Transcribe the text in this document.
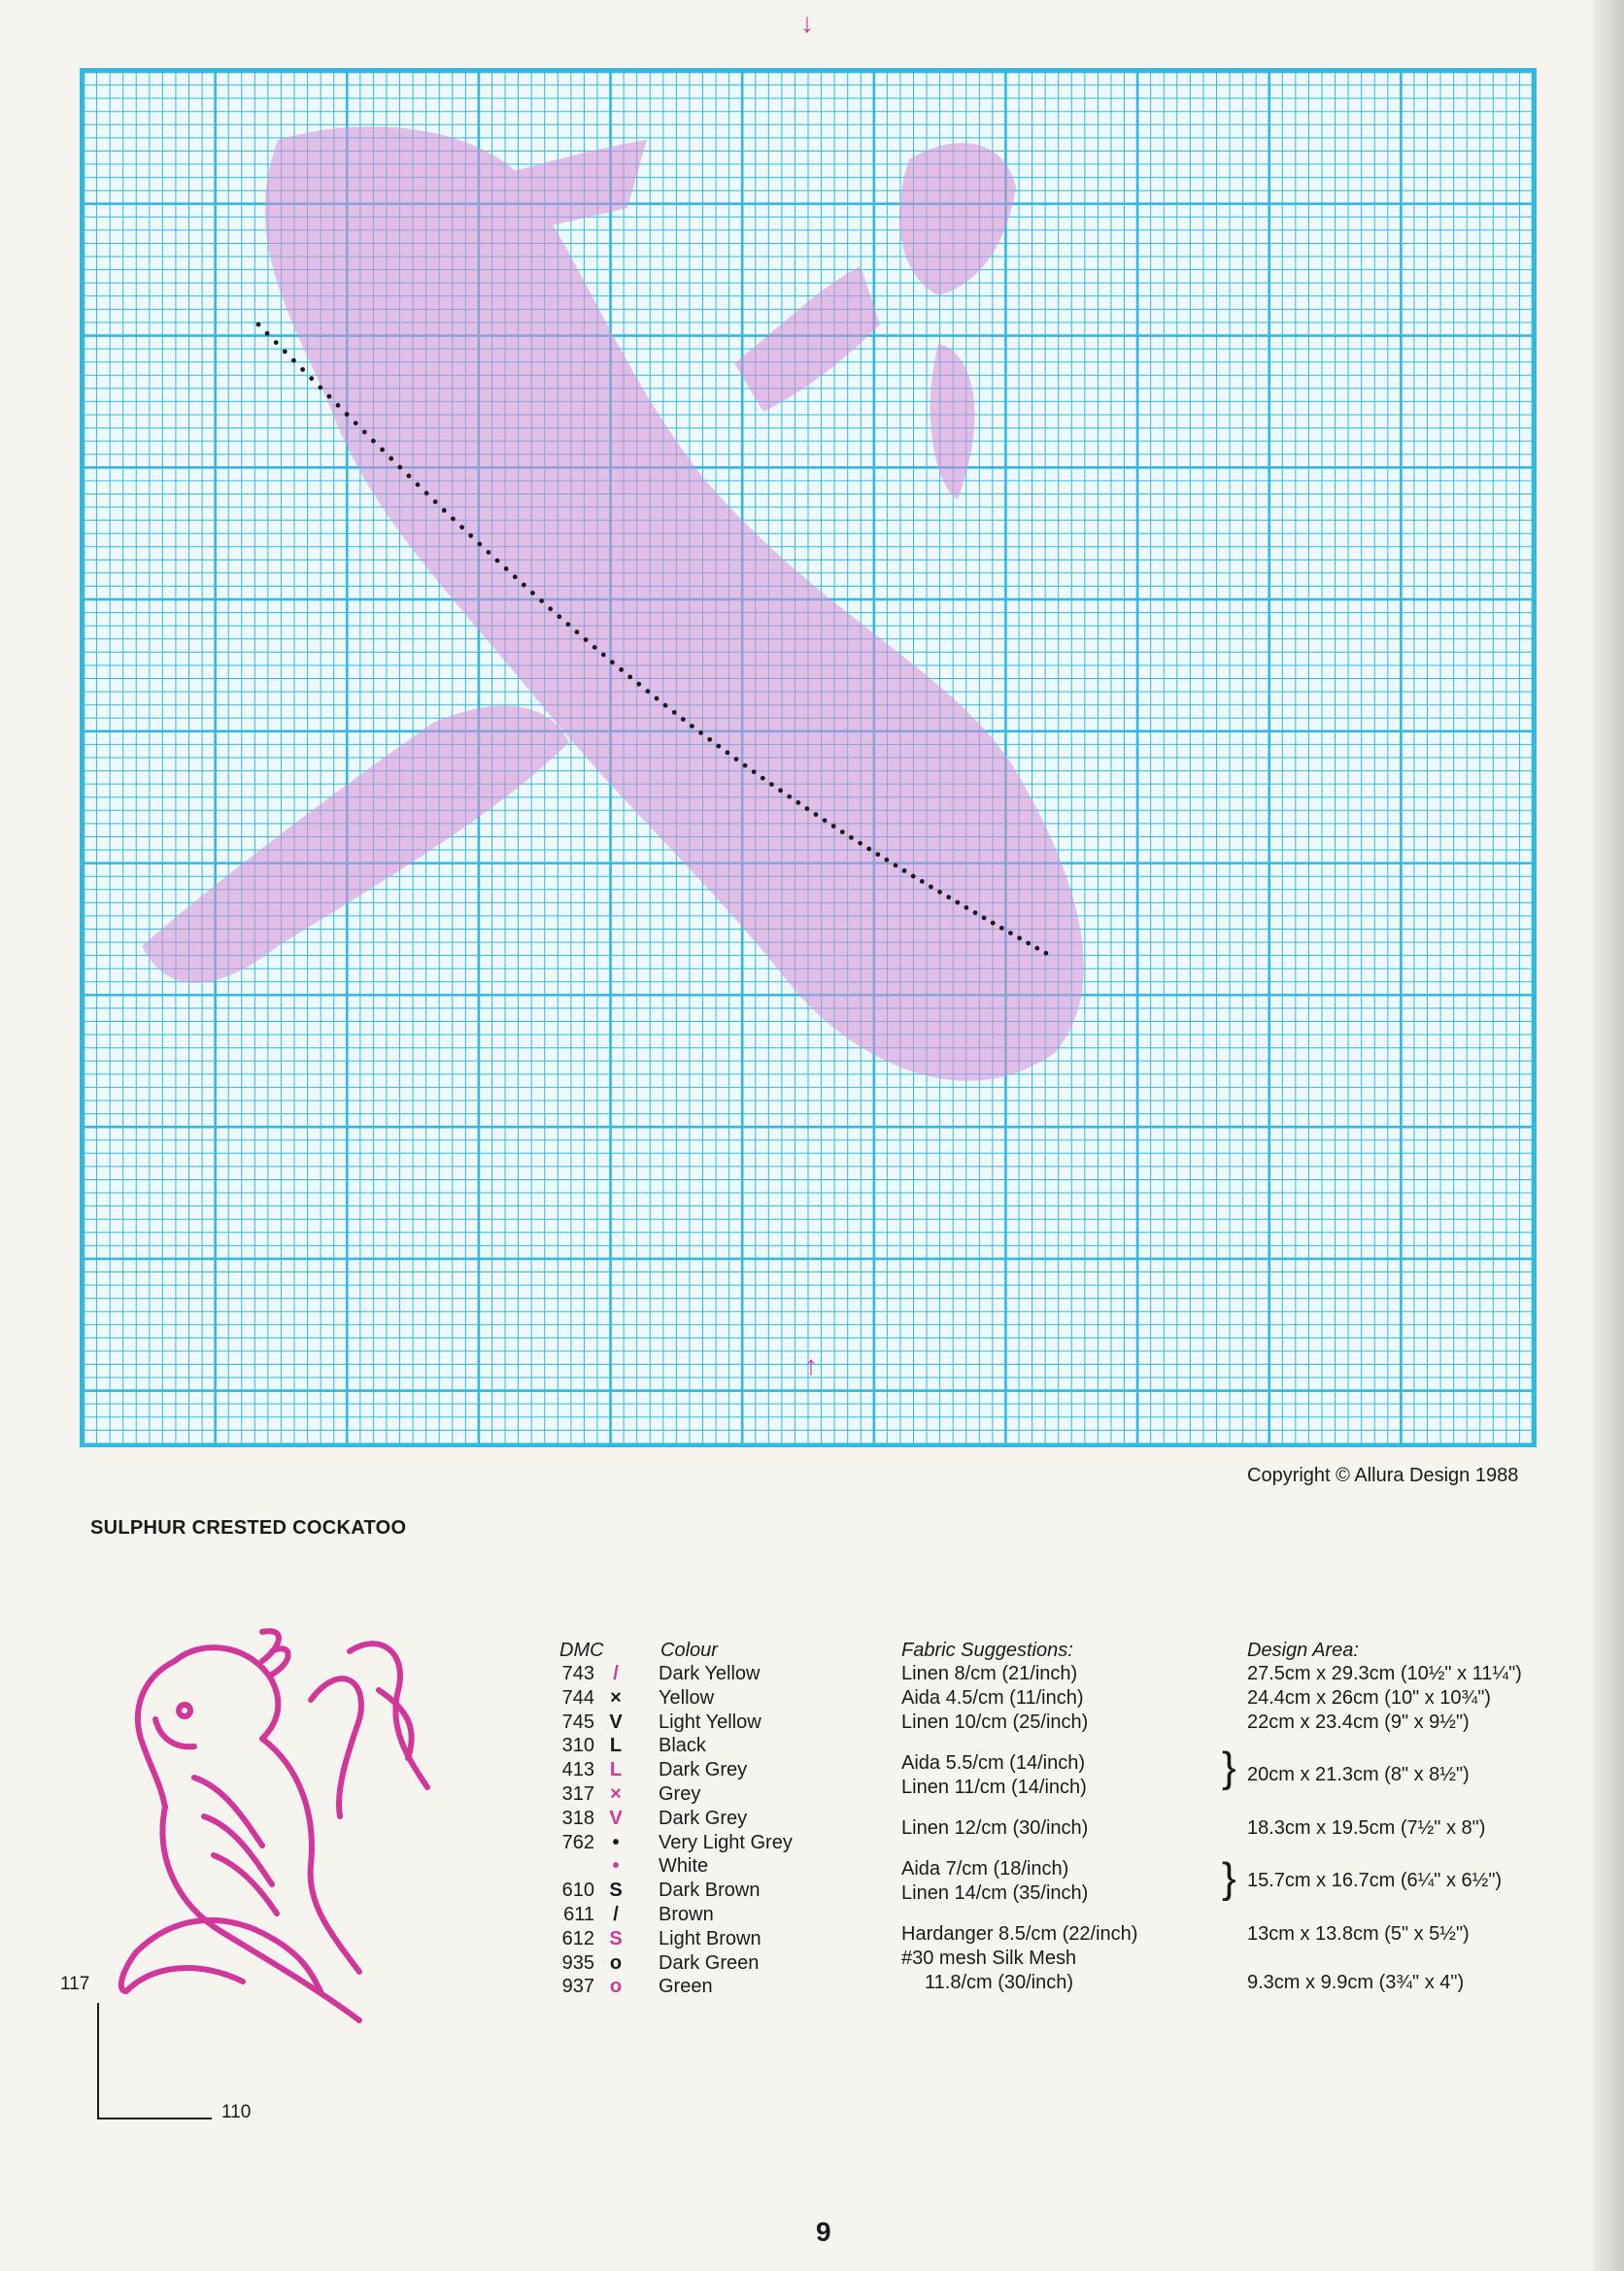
↓
↑
Copyright © Allura Design 1988
SULPHUR CRESTED COCKATOO
117
110
DMC	Colour
743 / Dark Yellow
744 × Yellow
745 V Light Yellow
310 L Black
413 L Dark Grey
317 × Grey
318 V Dark Grey
762 • Very Light Grey
• White
610 S Dark Brown
611 / Brown
612 S Light Brown
935 o Dark Green
937 o Green
Fabric Suggestions:
Linen 8/cm (21/inch)
Aida 4.5/cm (11/inch)
Linen 10/cm (25/inch)
Aida 5.5/cm (14/inch)
Linen 11/cm (14/inch)
Linen 12/cm (30/inch)
Aida 7/cm (18/inch)
Linen 14/cm (35/inch)
Hardanger 8.5/cm (22/inch)
#30 mesh Silk Mesh
11.8/cm (30/inch)
Design Area:
27.5cm x 29.3cm (10½" x 11¼")
24.4cm x 26cm (10" x 10¾")
22cm x 23.4cm (9" x 9½")
20cm x 21.3cm (8" x 8½")
18.3cm x 19.5cm (7½" x 8")
15.7cm x 16.7cm (6¼" x 6½")
13cm x 13.8cm (5" x 5½")
9.3cm x 9.9cm (3¾" x 4")
}
}
9
